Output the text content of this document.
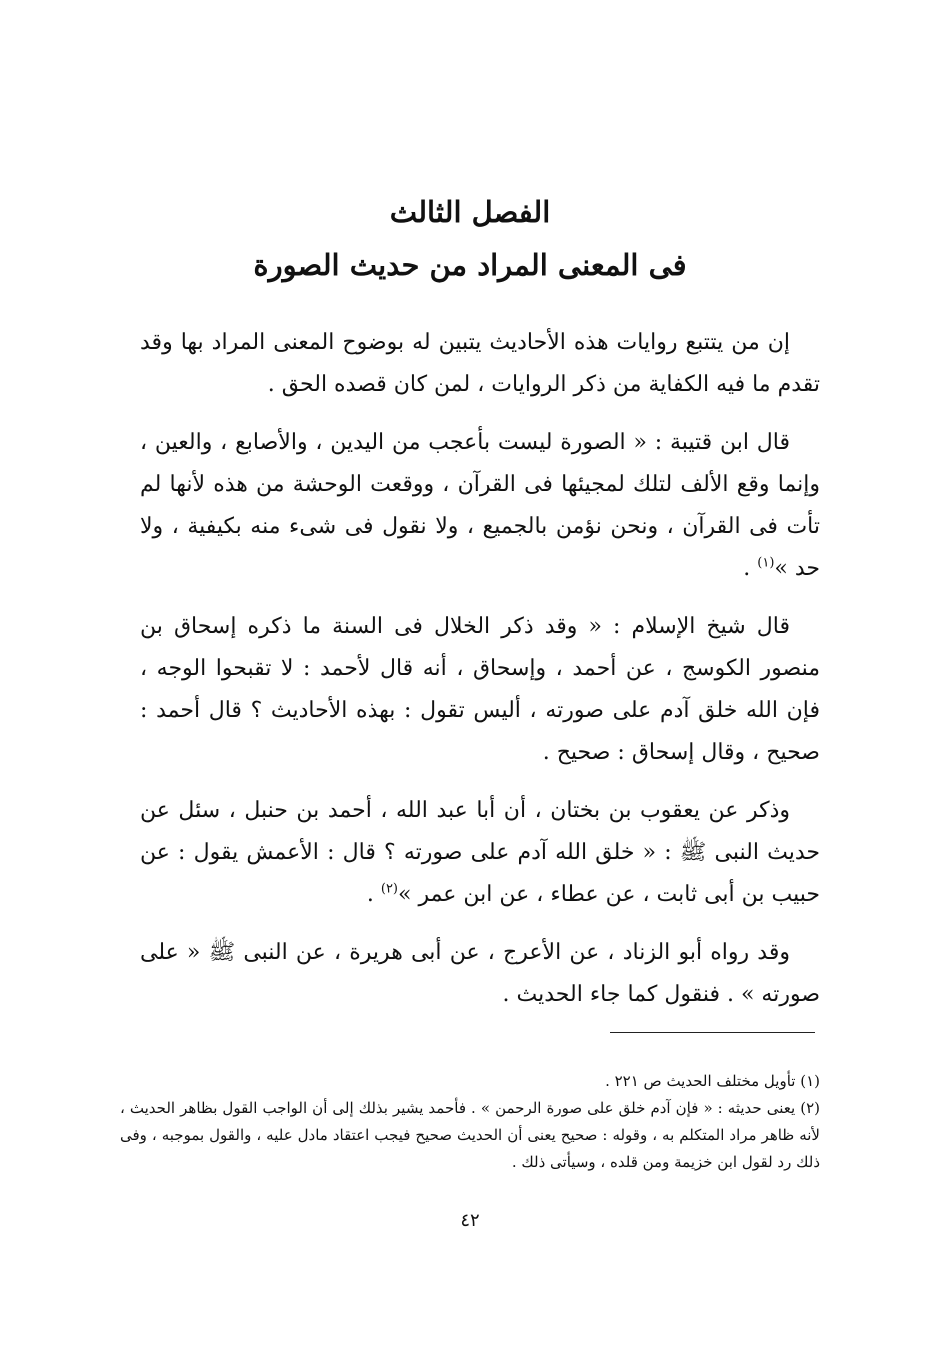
الفصل الثالث
فى المعنى المراد من حديث الصورة

إن من يتتبع روايات هذه الأحاديث يتبين له بوضوح المعنى المراد بها وقد تقدم ما فيه الكفاية من ذكر الروايات ، لمن كان قصده الحق .

قال ابن قتيبة : « الصورة ليست بأعجب من اليدين ، والأصابع ، والعين ، وإنما وقع الألف لتلك لمجيئها فى القرآن ، ووقعت الوحشة من هذه لأنها لم تأت فى القرآن ، ونحن نؤمن بالجميع ، ولا نقول فى شىء منه بكيفية ، ولا حد »$^{(١)}$ .

قال شيخ الإسلام : « وقد ذكر الخلال فى السنة ما ذكره إسحاق بن منصور الكوسج ، عن أحمد ، وإسحاق ، أنه قال لأحمد : لا تقبحوا الوجه ، فإن الله خلق آدم على صورته ، أليس تقول : بهذه الأحاديث ؟ قال أحمد : صحيح ، وقال إسحاق : صحيح .

وذكر عن يعقوب بن بختان ، أن أبا عبد الله ، أحمد بن حنبل ، سئل عن حديث النبى ﷺ : « خلق الله آدم على صورته ؟ قال : الأعمش يقول : عن حبيب بن أبى ثابت ، عن عطاء ، عن ابن عمر »$^{(٢)}$ .

وقد رواه أبو الزناد ، عن الأعرج ، عن أبى هريرة ، عن النبى ﷺ « على صورته » . فنقول كما جاء الحديث .

(١) تأويل مختلف الحديث ص ٢٢١ .

(٢) يعنى حديثه : « فإن آدم خلق على صورة الرحمن » . فأحمد يشير بذلك إلى أن الواجب القول بظاهر الحديث ، لأنه ظاهر مراد المتكلم به ، وقوله : صحيح يعنى أن الحديث صحيح فيجب اعتقاد مادل عليه ، والقول بموجبه ، وفى ذلك رد لقول ابن خزيمة ومن قلده ، وسيأتى ذلك .

٤٢
